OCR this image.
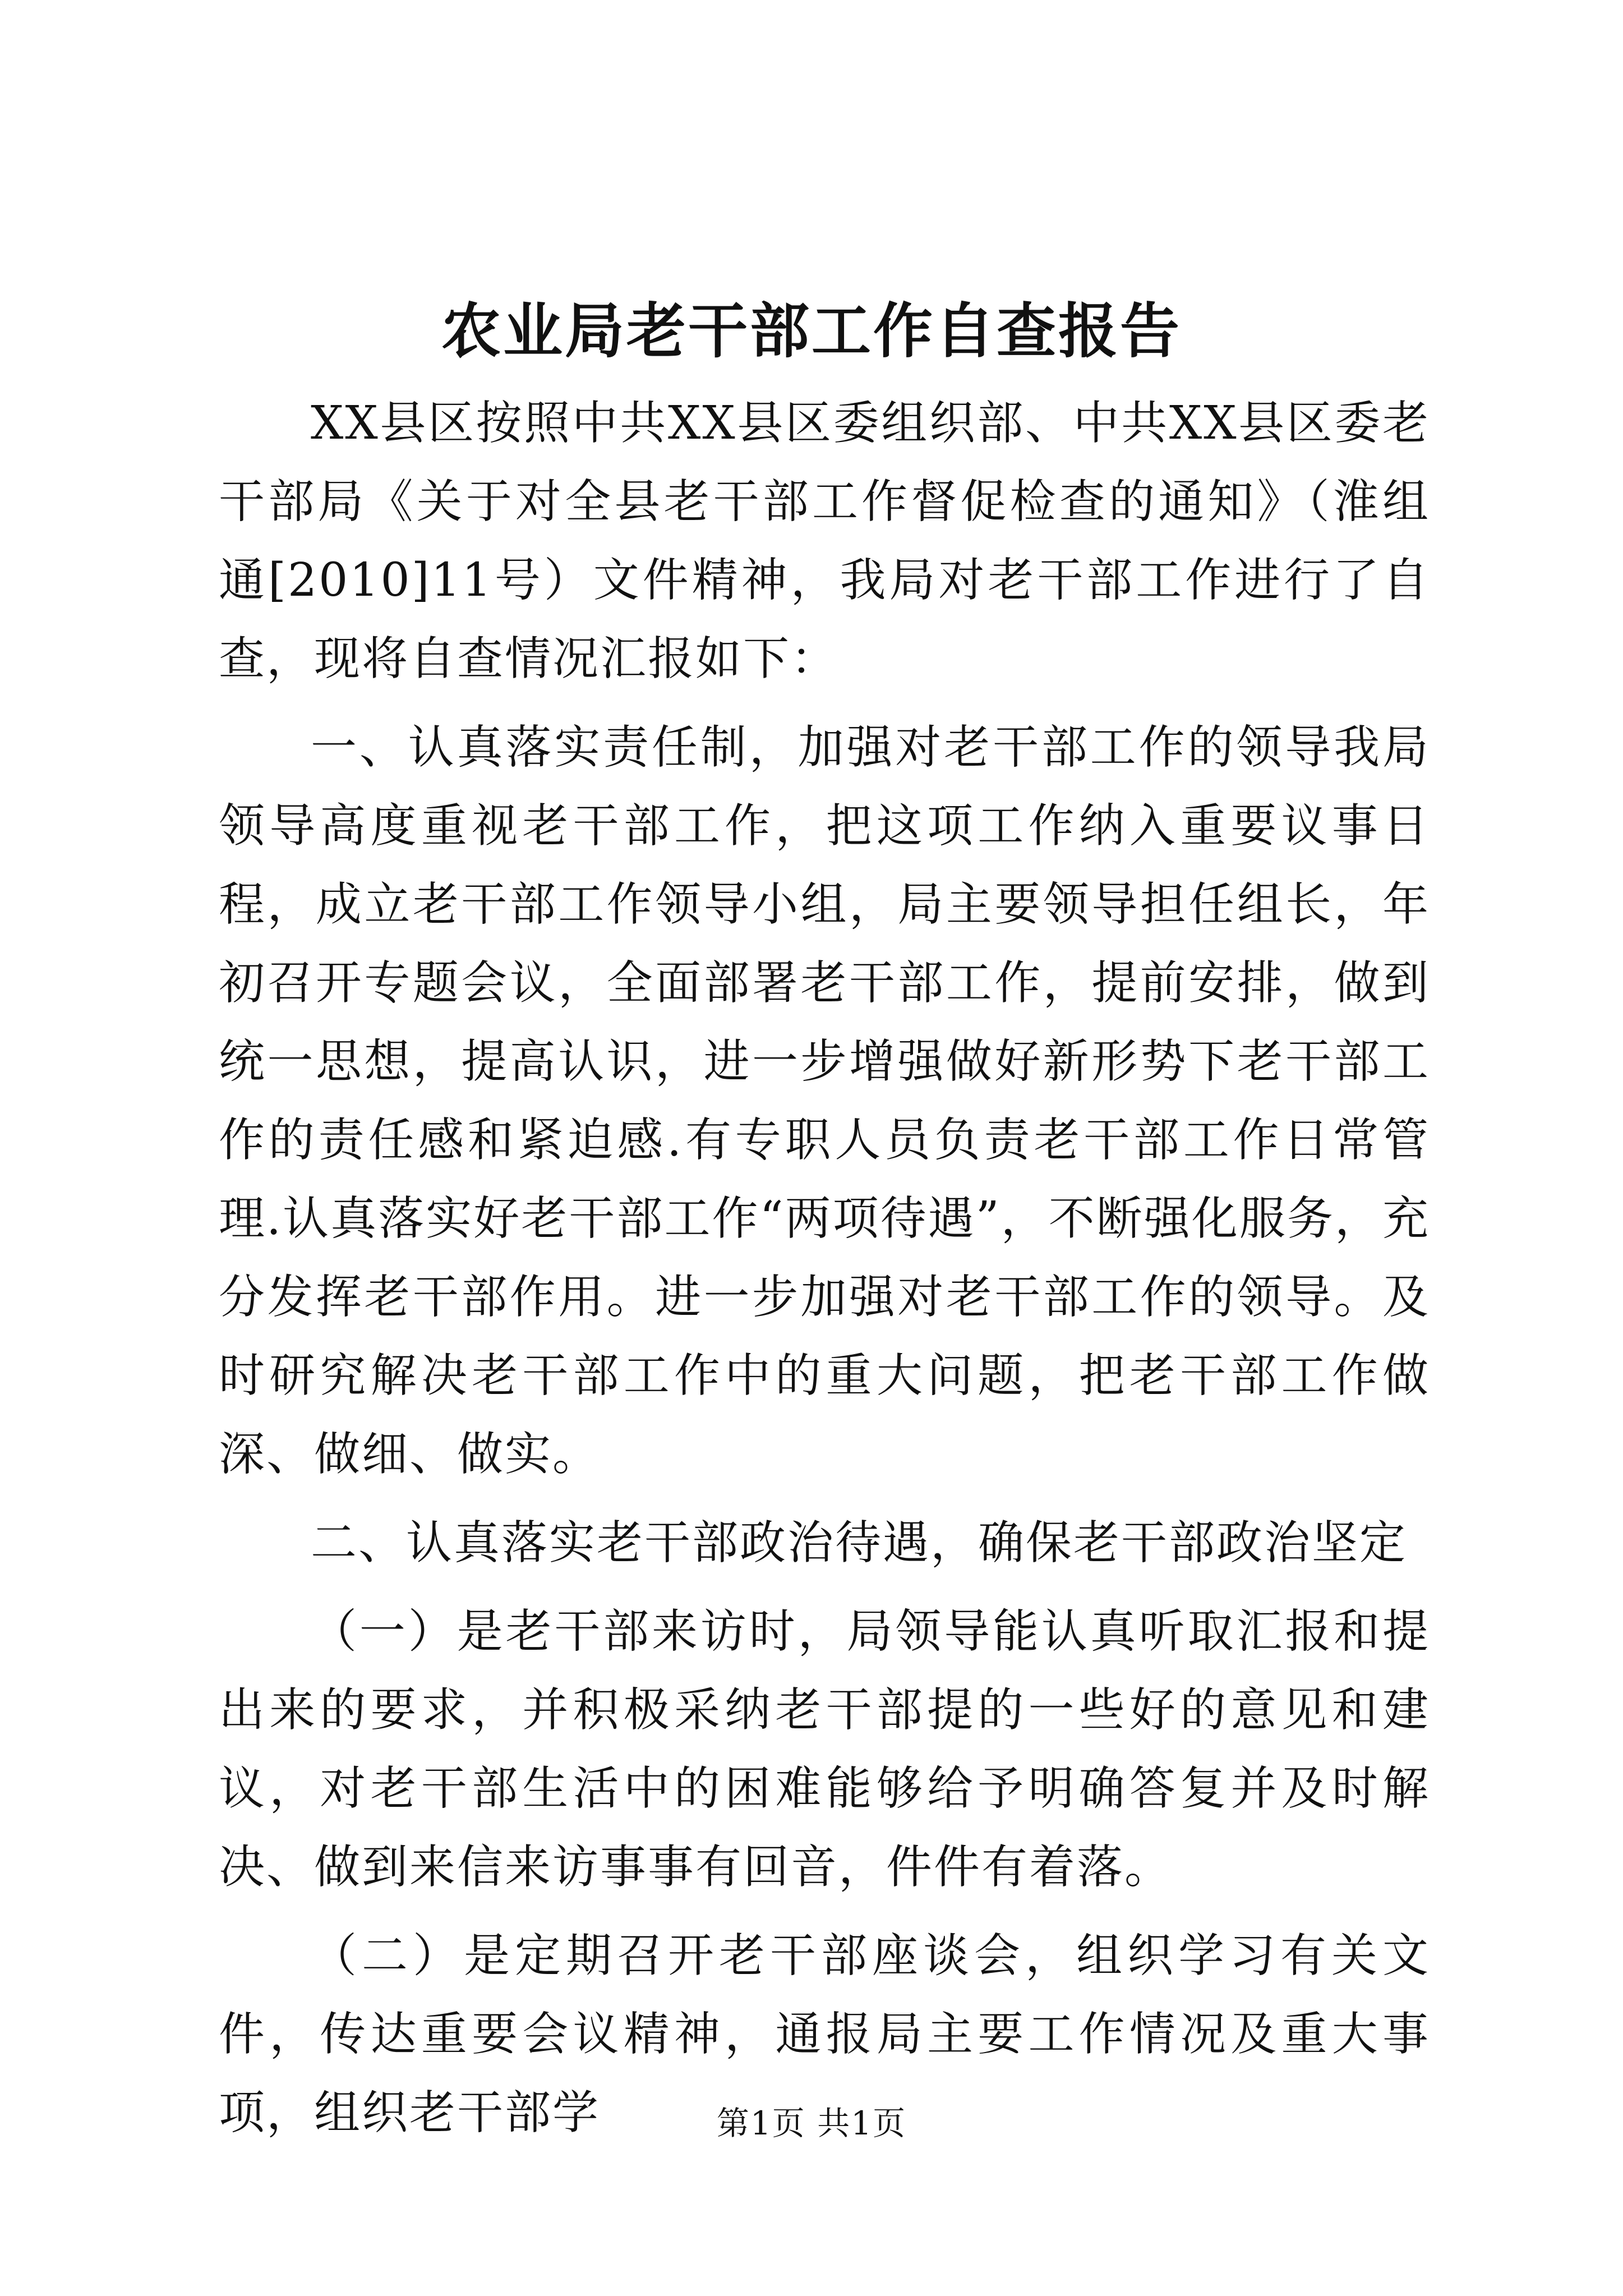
农业局老干部工作自查报告

XX县区按照中共XX县区委组织部、中共XX县区委老干部局《关于对全县老干部工作督促检查的通知》（淮组通[2010]11号）文件精神，我局对老干部工作进行了自查，现将自查情况汇报如下：

一、认真落实责任制，加强对老干部工作的领导我局领导高度重视老干部工作，把这项工作纳入重要议事日程，成立老干部工作领导小组，局主要领导担任组长，年初召开专题会议，全面部署老干部工作，提前安排，做到统一思想，提高认识，进一步增强做好新形势下老干部工作的责任感和紧迫感.有专职人员负责老干部工作日常管理.认真落实好老干部工作“两项待遇”，不断强化服务，充分发挥老干部作用。进一步加强对老干部工作的领导。及时研究解决老干部工作中的重大问题，把老干部工作做深、做细、做实。

二、认真落实老干部政治待遇，确保老干部政治坚定

（一）是老干部来访时，局领导能认真听取汇报和提出来的要求，并积极采纳老干部提的一些好的意见和建议，对老干部生活中的困难能够给予明确答复并及时解决、做到来信来访事事有回音，件件有着落。

（二）是定期召开老干部座谈会，组织学习有关文件，传达重要会议精神，通报局主要工作情况及重大事项，组织老干部学	第1页 共1页
